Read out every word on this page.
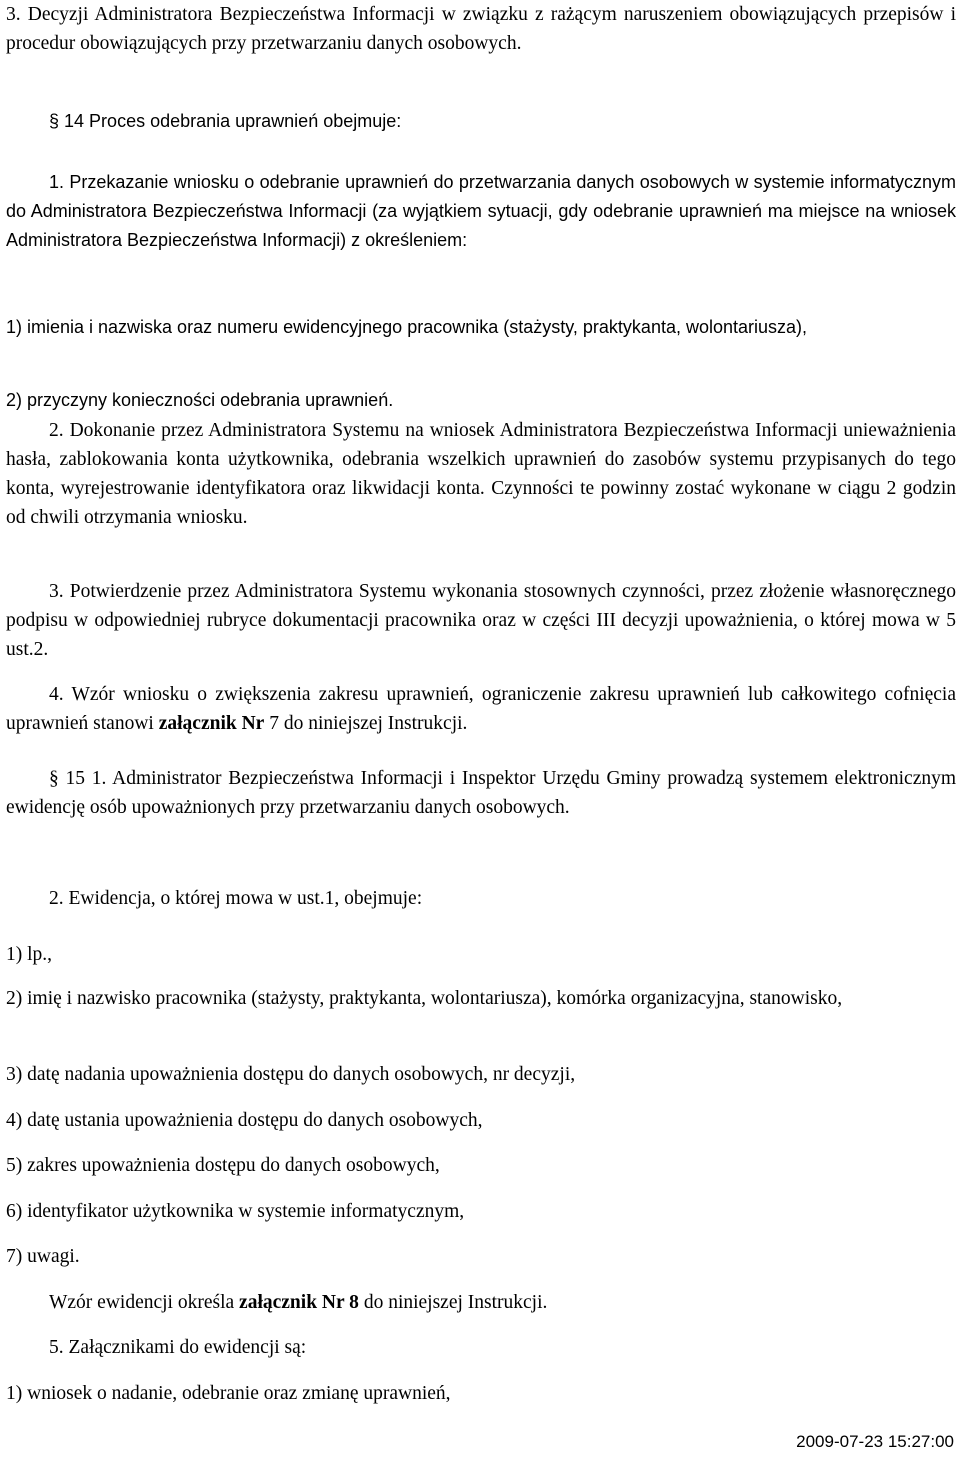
3. Decyzji Administratora Bezpieczeństwa Informacji w związku z rażącym naruszeniem obowiązujących przepisów i procedur obowiązujących przy przetwarzaniu danych osobowych.

§ 14 Proces odebrania uprawnień obejmuje:

1. Przekazanie wniosku o odebranie uprawnień do przetwarzania danych osobowych w systemie informatycznym do Administratora Bezpieczeństwa Informacji (za wyjątkiem sytuacji, gdy odebranie uprawnień ma miejsce na wniosek Administratora Bezpieczeństwa Informacji) z określeniem:

1) imienia i nazwiska oraz numeru ewidencyjnego pracownika (stażysty, praktykanta, wolontariusza),

2) przyczyny konieczności odebrania uprawnień.

2. Dokonanie przez Administratora Systemu na wniosek Administratora Bezpieczeństwa Informacji unieważnienia hasła, zablokowania konta użytkownika, odebrania wszelkich uprawnień do zasobów systemu przypisanych do tego konta, wyrejestrowanie identyfikatora oraz likwidacji konta. Czynności te powinny zostać wykonane w ciągu 2 godzin od chwili otrzymania wniosku.

3. Potwierdzenie przez Administratora Systemu wykonania stosownych czynności, przez złożenie własnoręcznego podpisu w odpowiedniej rubryce dokumentacji pracownika oraz w części III decyzji upoważnienia, o której mowa w 5 ust.2.

4. Wzór wniosku o zwiększenia zakresu uprawnień, ograniczenie zakresu uprawnień lub całkowitego cofnięcia uprawnień stanowi załącznik Nr 7 do niniejszej Instrukcji.

§ 15 1. Administrator Bezpieczeństwa Informacji i Inspektor Urzędu Gminy prowadzą systemem elektronicznym ewidencję osób upoważnionych przy przetwarzaniu danych osobowych.

2. Ewidencja, o której mowa w ust.1, obejmuje:

1) lp.,

2) imię i nazwisko pracownika (stażysty, praktykanta, wolontariusza), komórka organizacyjna, stanowisko,

3) datę nadania upoważnienia dostępu do danych osobowych, nr decyzji,

4) datę ustania upoważnienia dostępu do danych osobowych,

5) zakres upoważnienia dostępu do danych osobowych,

6) identyfikator użytkownika w systemie informatycznym,

7) uwagi.

Wzór ewidencji określa załącznik Nr 8 do niniejszej Instrukcji.

5. Załącznikami do ewidencji są:

1) wniosek o nadanie, odebranie oraz zmianę uprawnień,

2009-07-23 15:27:00
